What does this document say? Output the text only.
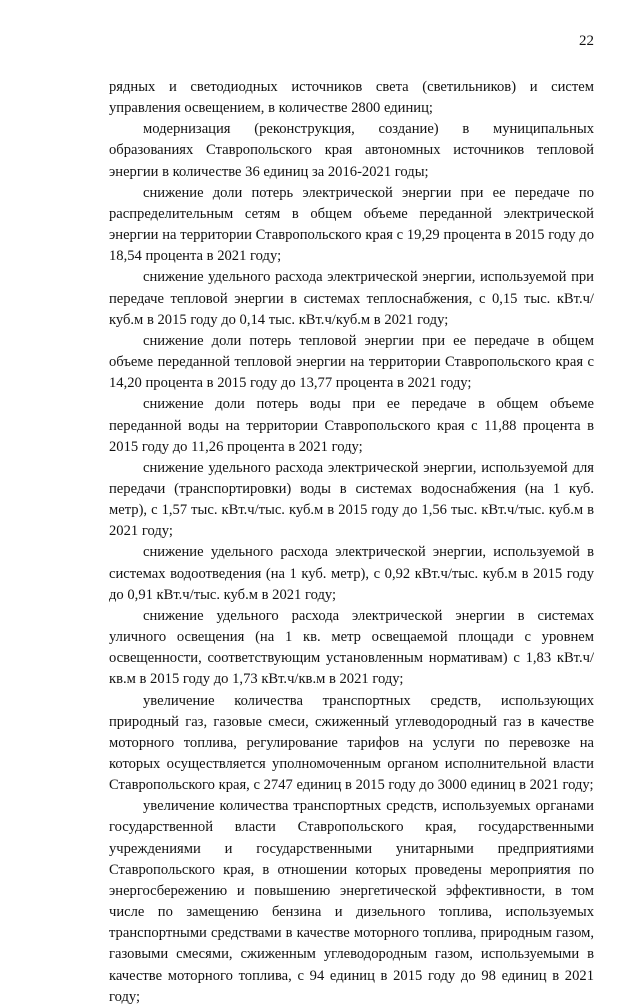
22

рядных и светодиодных источников света (светильников) и систем управления освещением, в количестве 2800 единиц;

модернизация (реконструкция, создание) в муниципальных образованиях Ставропольского края автономных источников тепловой энергии в количестве 36 единиц за 2016-2021 годы;

снижение доли потерь электрической энергии при ее передаче по распределительным сетям в общем объеме переданной электрической энергии на территории Ставропольского края с 19,29 процента в 2015 году до 18,54 процента в 2021 году;

снижение удельного расхода электрической энергии, используемой при передаче тепловой энергии в системах теплоснабжения, с 0,15 тыс. кВт.ч/куб.м в 2015 году до 0,14 тыс. кВт.ч/куб.м в 2021 году;

снижение доли потерь тепловой энергии при ее передаче в общем объеме переданной тепловой энергии на территории Ставропольского края с 14,20 процента в 2015 году до 13,77 процента в 2021 году;

снижение доли потерь воды при ее передаче в общем объеме переданной воды на территории Ставропольского края с 11,88 процента в 2015 году до 11,26 процента в 2021 году;

снижение удельного расхода электрической энергии, используемой для передачи (транспортировки) воды в системах водоснабжения (на 1 куб. метр), с 1,57 тыс. кВт.ч/тыс. куб.м в 2015 году до 1,56 тыс. кВт.ч/тыс. куб.м в 2021 году;

снижение удельного расхода электрической энергии, используемой в системах водоотведения (на 1 куб. метр), с 0,92 кВт.ч/тыс. куб.м в 2015 году до 0,91 кВт.ч/тыс. куб.м в 2021 году;

снижение удельного расхода электрической энергии в системах уличного освещения (на 1 кв. метр освещаемой площади с уровнем освещенности, соответствующим установленным нормативам) с 1,83 кВт.ч/кв.м в 2015 году до 1,73 кВт.ч/кв.м в 2021 году;

увеличение количества транспортных средств, использующих природный газ, газовые смеси, сжиженный углеводородный газ в качестве моторного топлива, регулирование тарифов на услуги по перевозке на которых осуществляется уполномоченным органом исполнительной власти Ставропольского края, с 2747 единиц в 2015 году до 3000 единиц в 2021 году;

увеличение количества транспортных средств, используемых органами государственной власти Ставропольского края, государственными учреждениями и государственными унитарными предприятиями Ставропольского края, в отношении которых проведены мероприятия по энергосбережению и повышению энергетической эффективности, в том числе по замещению бензина и дизельного топлива, используемых транспортными средствами в качестве моторного топлива, природным газом, газовыми смесями, сжиженным углеводородным газом, используемыми в качестве моторного топлива, с 94 единиц в 2015 году до 98 единиц в 2021 году;
